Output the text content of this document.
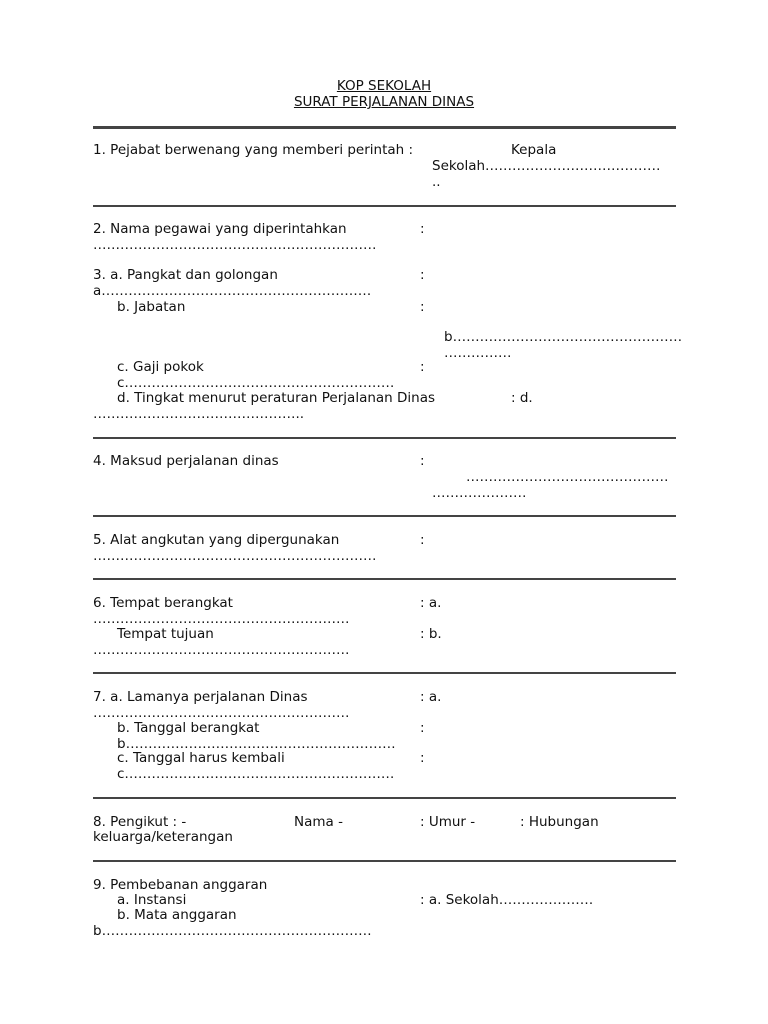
KOP SEKOLAH
SURAT PERJALANAN DINAS
1. Pejabat berwenang yang memberi perintah :	Kepala
Sekolah…………………………………
..
2. Nama pegawai yang diperintahkan	:
………………………………………………………
3. a. Pangkat dan golongan	:
a……………………………………………………
b. Jabatan	:
b……………………………………………
……………
c. Gaji pokok	:
c……………………………………………………
d. Tingkat menurut peraturan Perjalanan Dinas	: d.
………………………………………..
4. Maksud perjalanan dinas	:
………………………………………
…………………
5. Alat angkutan yang dipergunakan	:
………………………………………………………
6. Tempat berangkat	: a.
…………………………………………………
Tempat tujuan	: b.
…………………………………………………
7. a. Lamanya perjalanan Dinas	: a.
…………………………………………………
b. Tanggal berangkat	:
b……………………………………………………
c. Tanggal harus kembali	:
c……………………………………………………
8. Pengikut : -	Nama -	: Umur -	: Hubungan
keluarga/keterangan
9. Pembebanan anggaran
a. Instansi	: a. Sekolah…………………
b. Mata anggaran
b……………………………………………………
